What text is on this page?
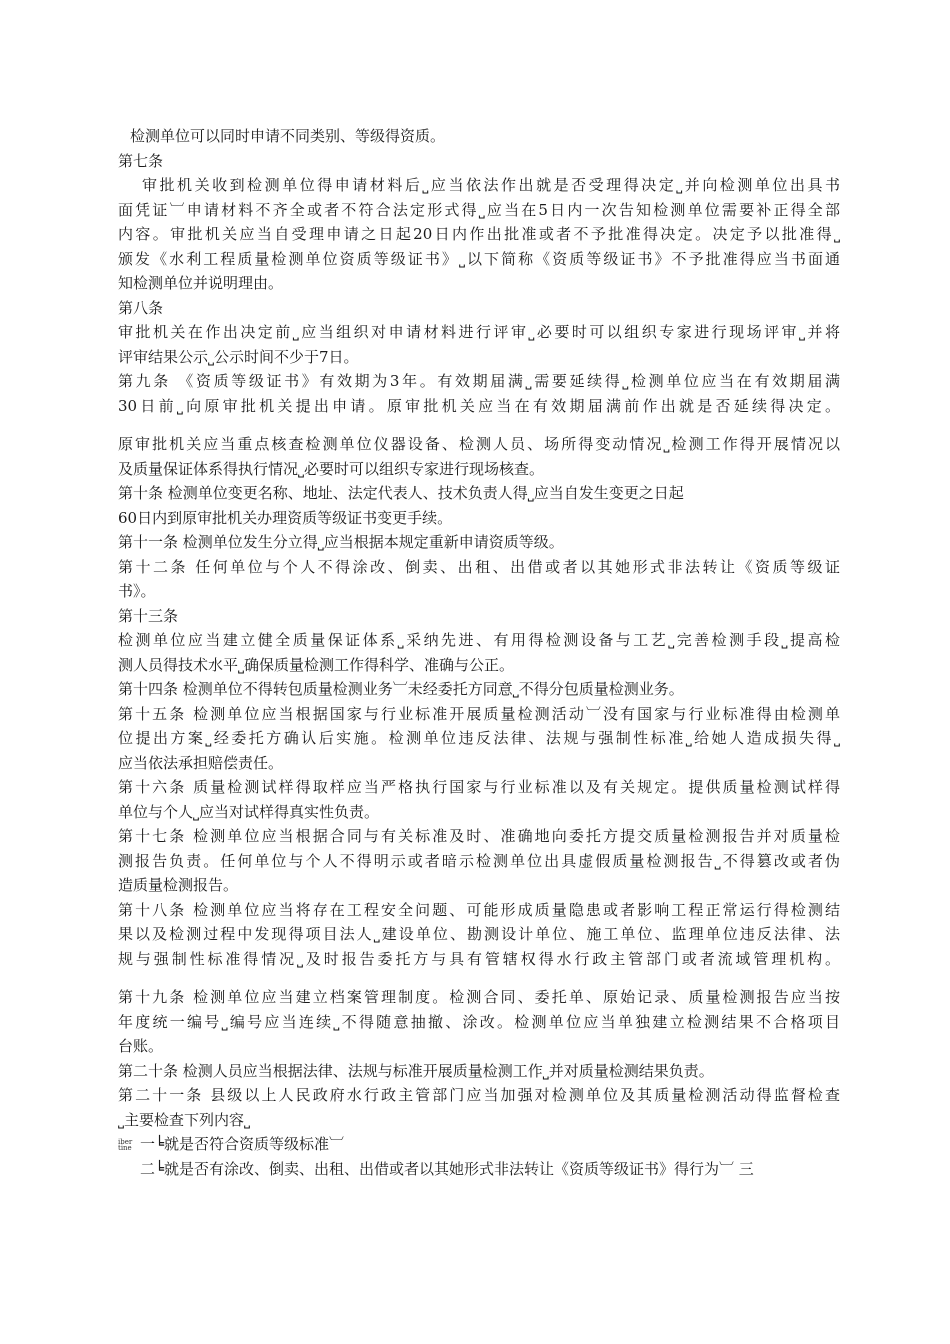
检测单位可以同时申请不同类别、等级得资质。
第七条
审批机关收到检测单位得申请材料后⎵应当依法作出就是否受理得决定⎵并向检测单位出具书
面凭证︺申请材料不齐全或者不符合法定形式得⎵应当在5日内一次告知检测单位需要补正得全部
内容。审批机关应当自受理申请之日起20日内作出批准或者不予批准得决定。决定予以批准得⎵
颁发《水利工程质量检测单位资质等级证书》⎵以下简称《资质等级证书》不予批准得应当书面通
知检测单位并说明理由。
第八条
审批机关在作出决定前⎵应当组织对申请材料进行评审⎵必要时可以组织专家进行现场评审⎵并将
评审结果公示⎵公示时间不少于7日。
第九条 《资质等级证书》有效期为3年。有效期届满⎵需要延续得⎵检测单位应当在有效期届满
30日前⎵向原审批机关提出申请。原审批机关应当在有效期届满前作出就是否延续得决定。
原审批机关应当重点核查检测单位仪器设备、检测人员、场所得变动情况⎵检测工作得开展情况以
及质量保证体系得执行情况⎵必要时可以组织专家进行现场核查。
第十条 检测单位变更名称、地址、法定代表人、技术负责人得⎵应当自发生变更之日起
60日内到原审批机关办理资质等级证书变更手续。
第十一条 检测单位发生分立得⎵应当根据本规定重新申请资质等级。
第十二条 任何单位与个人不得涂改、倒卖、出租、出借或者以其她形式非法转让《资质等级证
书》。
第十三条
检测单位应当建立健全质量保证体系⎵采纳先进、有用得检测设备与工艺⎵完善检测手段⎵提高检
测人员得技术水平⎵确保质量检测工作得科学、准确与公正。
第十四条 检测单位不得转包质量检测业务︺未经委托方同意⎵不得分包质量检测业务。
第十五条 检测单位应当根据国家与行业标准开展质量检测活动︺没有国家与行业标准得由检测单
位提出方案⎵经委托方确认后实施。检测单位违反法律、法规与强制性标准⎵给她人造成损失得⎵
应当依法承担赔偿责任。
第十六条 质量检测试样得取样应当严格执行国家与行业标准以及有关规定。提供质量检测试样得
单位与个人⎵应当对试样得真实性负责。
第十七条 检测单位应当根据合同与有关标准及时、准确地向委托方提交质量检测报告并对质量检
测报告负责。任何单位与个人不得明示或者暗示检测单位出具虚假质量检测报告⎵不得篡改或者伪
造质量检测报告。
第十八条 检测单位应当将存在工程安全问题、可能形成质量隐患或者影响工程正常运行得检测结
果以及检测过程中发现得项目法人⎵建设单位、勘测设计单位、施工单位、监理单位违反法律、法
规与强制性标准得情况⎵及时报告委托方与具有管辖权得水行政主管部门或者流域管理机构。
第十九条 检测单位应当建立档案管理制度。检测合同、委托单、原始记录、质量检测报告应当按
年度统一编号⎵编号应当连续⎵不得随意抽撤、涂改。检测单位应当单独建立检测结果不合格项目
台账。
第二十条 检测人员应当根据法律、法规与标准开展质量检测工作⎵并对质量检测结果负责。
第二十一条 县级以上人民政府水行政主管部门应当加强对检测单位及其质量检测活动得监督检查
⎵主要检查下列内容⎵
iber
tine 一╘就是否符合资质等级标准︺
二╘就是否有涂改、倒卖、出租、出借或者以其她形式非法转让《资质等级证书》得行为︺ 三
